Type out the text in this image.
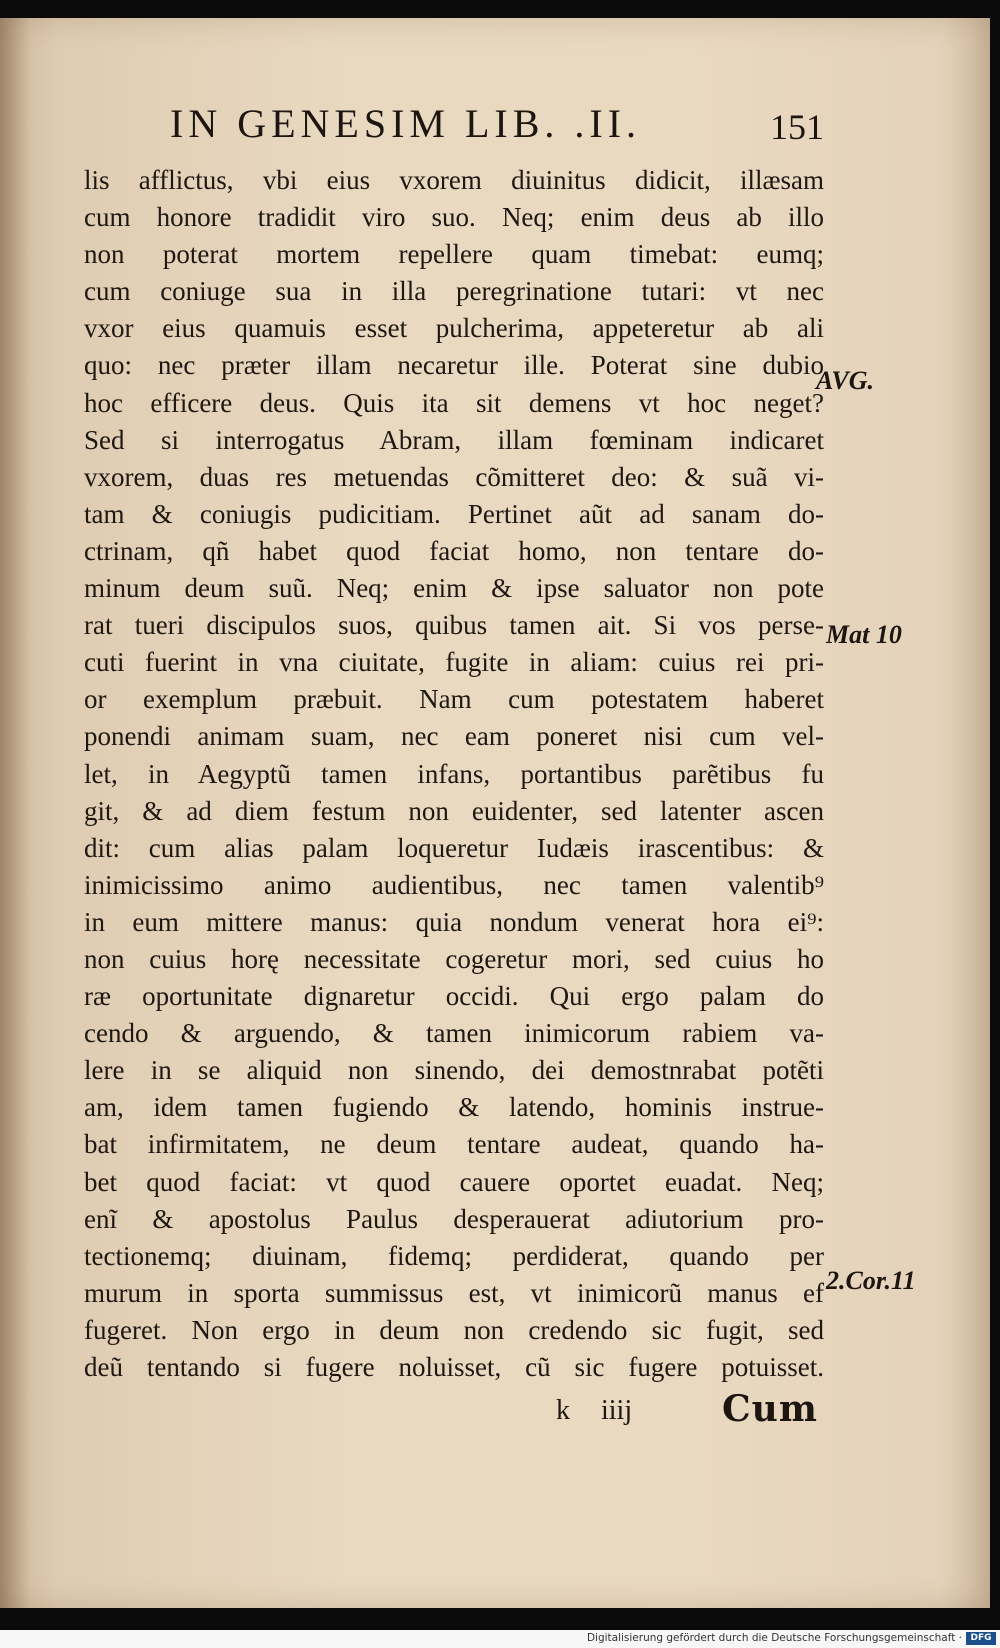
IN GENESIM LIB. .II.	151
lis afflictus, vbi eius vxorem diuinitus didicit, illæsam
cum honore tradidit viro suo. Neq; enim deus ab illo
non poterat mortem repellere quam timebat: eumq;
cum coniuge sua in illa peregrinatione tutari: vt nec
vxor eius quamuis esset pulcherima, appeteretur ab ali
quo: nec præter illam necaretur ille. Poterat sine dubio
hoc efficere deus. Quis ita sit demens vt hoc neget?
Sed si interrogatus Abram, illam fœminam indicaret
vxorem, duas res metuendas cõmitteret deo: & suã vi-
tam & coniugis pudicitiam. Pertinet aũt ad sanam do-
ctrinam, qñ habet quod faciat homo, non tentare do-
minum deum suũ. Neq; enim & ipse saluator non pote
rat tueri discipulos suos, quibus tamen ait. Si vos perse-
cuti fuerint in vna ciuitate, fugite in aliam: cuius rei pri-
or exemplum præbuit. Nam cum potestatem haberet
ponendi animam suam, nec eam poneret nisi cum vel-
let, in Aegyptũ tamen infans, portantibus parẽtibus fu
git, & ad diem festum non euidenter, sed latenter ascen
dit: cum alias palam loqueretur Iudæis irascentibus: &
inimicissimo animo audientibus, nec tamen valentib⁹
in eum mittere manus: quia nondum venerat hora ei⁹:
non cuius horę necessitate cogeretur mori, sed cuius ho
ræ oportunitate dignaretur occidi. Qui ergo palam do
cendo & arguendo, & tamen inimicorum rabiem va-
lere in se aliquid non sinendo, dei demostnrabat potẽti
am, idem tamen fugiendo & latendo, hominis instrue-
bat infirmitatem, ne deum tentare audeat, quando ha-
bet quod faciat: vt quod cauere oportet euadat. Neq;
enĩ & apostolus Paulus desperauerat adiutorium pro-
tectionemq; diuinam, fidemq; perdiderat, quando per
murum in sporta summissus est, vt inimicorũ manus ef
fugeret. Non ergo in deum non credendo sic fugit, sed
deũ tentando si fugere noluisset, cũ sic fugere potuisset.
AVG.
Mat 10
2.Cor.11
k iiij Cum
Digitalisierung gefördert durch die Deutsche Forschungsgemeinschaft · DFG
